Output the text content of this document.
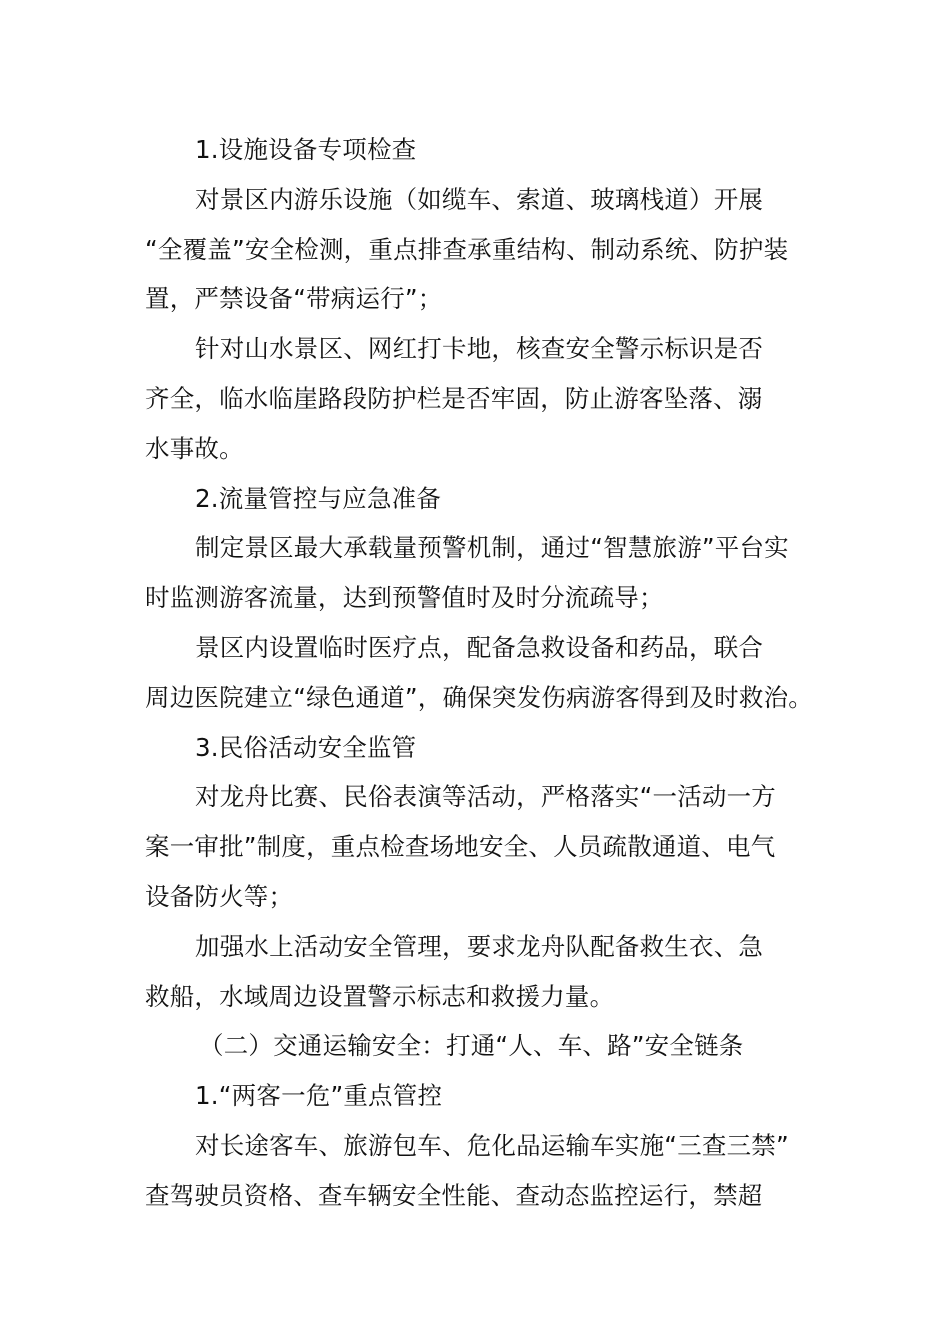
1.设施设备专项检查
对景区内游乐设施（如缆车、索道、玻璃栈道）开展
“全覆盖”安全检测，重点排查承重结构、制动系统、防护装
置，严禁设备“带病运行”；
针对山水景区、网红打卡地，核查安全警示标识是否
齐全，临水临崖路段防护栏是否牢固，防止游客坠落、溺
水事故。
2.流量管控与应急准备
制定景区最大承载量预警机制，通过“智慧旅游”平台实
时监测游客流量，达到预警值时及时分流疏导；
景区内设置临时医疗点，配备急救设备和药品，联合
周边医院建立“绿色通道”，确保突发伤病游客得到及时救治。
3.民俗活动安全监管
对龙舟比赛、民俗表演等活动，严格落实“一活动一方
案一审批”制度，重点检查场地安全、人员疏散通道、电气
设备防火等；
加强水上活动安全管理，要求龙舟队配备救生衣、急
救船，水域周边设置警示标志和救援力量。
（二）交通运输安全：打通“人、车、路”安全链条
1.“两客一危”重点管控
对长途客车、旅游包车、危化品运输车实施“三查三禁”
查驾驶员资格、查车辆安全性能、查动态监控运行，禁超
